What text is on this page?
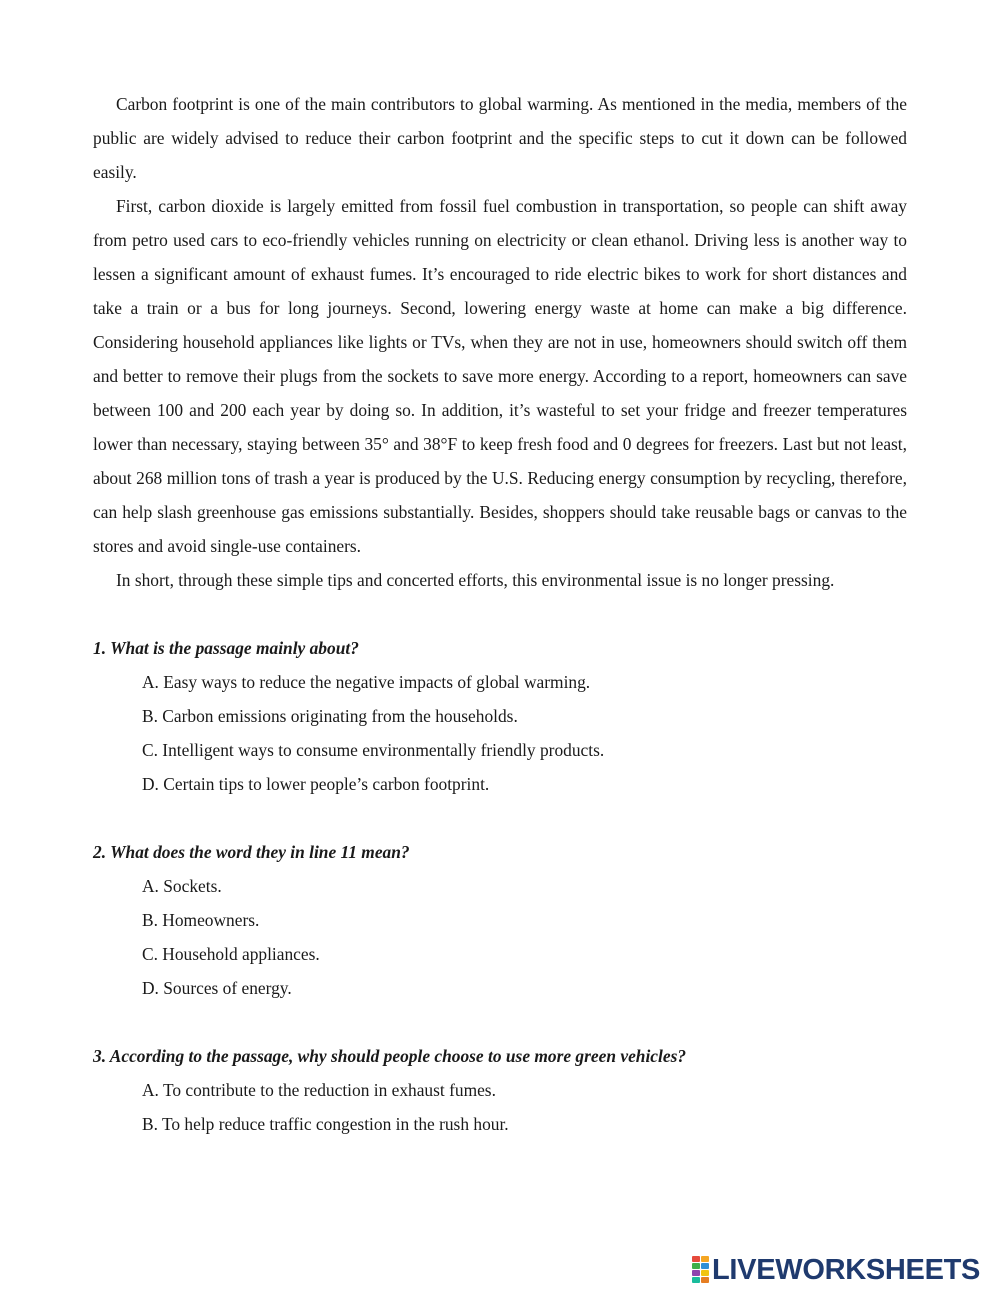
Carbon footprint is one of the main contributors to global warming. As mentioned in the media, members of the public are widely advised to reduce their carbon footprint and the specific steps to cut it down can be followed easily.

First, carbon dioxide is largely emitted from fossil fuel combustion in transportation, so people can shift away from petro used cars to eco-friendly vehicles running on electricity or clean ethanol. Driving less is another way to lessen a significant amount of exhaust fumes. It’s encouraged to ride electric bikes to work for short distances and take a train or a bus for long journeys. Second, lowering energy waste at home can make a big difference. Considering household appliances like lights or TVs, when they are not in use, homeowners should switch off them and better to remove their plugs from the sockets to save more energy. According to a report, homeowners can save between 100 and 200 each year by doing so. In addition, it’s wasteful to set your fridge and freezer temperatures lower than necessary, staying between 35° and 38°F to keep fresh food and 0 degrees for freezers. Last but not least, about 268 million tons of trash a year is produced by the U.S. Reducing energy consumption by recycling, therefore, can help slash greenhouse gas emissions substantially. Besides, shoppers should take reusable bags or canvas to the stores and avoid single-use containers.

In short, through these simple tips and concerted efforts, this environmental issue is no longer pressing.

1. What is the passage mainly about?

A. Easy ways to reduce the negative impacts of global warming.

B. Carbon emissions originating from the households.

C. Intelligent ways to consume environmentally friendly products.

D. Certain tips to lower people’s carbon footprint.

2. What does the word they in line 11 mean?

A. Sockets.

B. Homeowners.

C. Household appliances.

D. Sources of energy.

3. According to the passage, why should people choose to use more green vehicles?

A. To contribute to the reduction in exhaust fumes.

B. To help reduce traffic congestion in the rush hour.

LIVEWORKSHEETS
